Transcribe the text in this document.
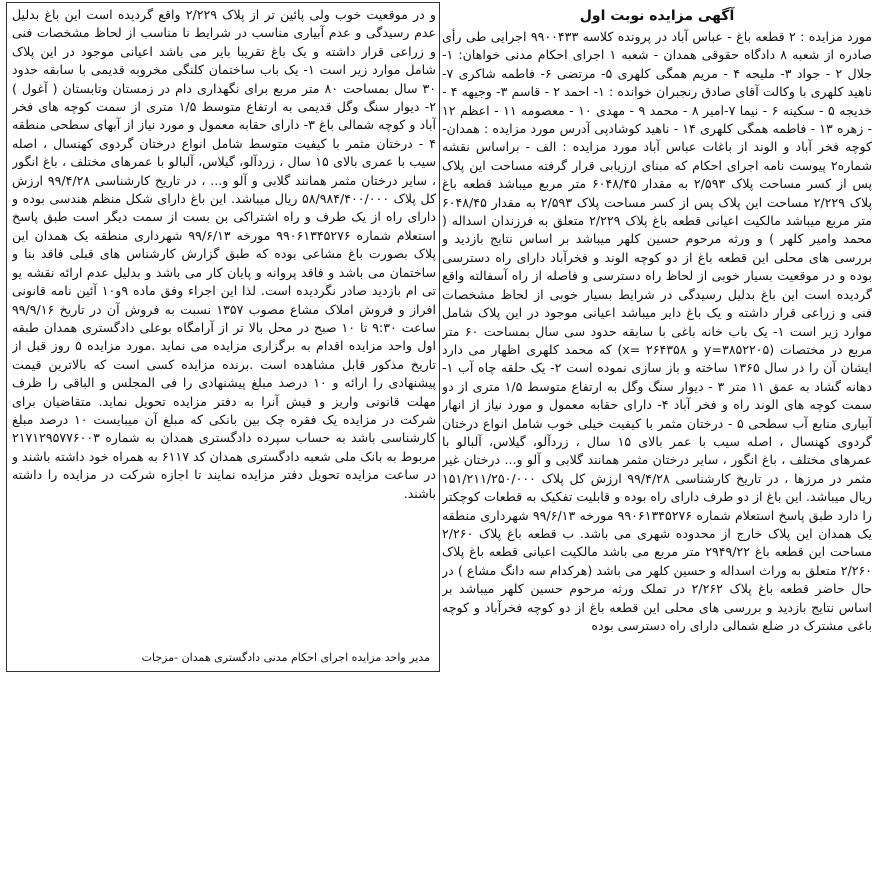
آگهی مزایده نوبت اول

مورد مزایده : ۲ قطعه باغ - عباس آباد در پرونده کلاسه ۹۹۰۰۴۳۳ اجرایی طی رأی صادره از شعبه ۸ دادگاه حقوقی همدان - شعبه ۱ اجرای احکام مدنی خواهان: ۱- جلال ۲ - جواد ۳- ملیحه ۴ - مریم همگی کلهری ۵- مرتضی ۶- فاطمه شاکری ۷- ناهید کلهری با وکالت آقای صادق رنجبران خوانده : ۱- احمد ۲ - قاسم ۳- وجیهه ۴ - خدیجه ۵ - سکینه ۶ - نیما ۷-امیر ۸ - محمد ۹ - مهدی ۱۰ - معصومه ۱۱ - اعظم ۱۲ - زهره ۱۳ - فاطمه همگی کلهری ۱۴ - ناهید کوشادپی آدرس مورد مزایده : همدان- کوچه فخر آباد و الوند از باغات عباس آباد مورد مزایده : الف - براساس نقشه شماره۲ پیوست نامه اجرای احکام که مبنای ارزیابی قرار گرفته مساحت این پلاک پس از کسر مساحت پلاک ۲/۵۹۳ به مقدار ۶۰۴۸/۴۵ متر مربع میباشد قطعه باغ پلاک ۲/۲۲۹ مساحت این پلاک پس از کسر مساحت پلاک ۲/۵۹۳ به مقدار ۶۰۴۸/۴۵ متر مربع میباشد مالکیت اعیانی قطعه باغ پلاک ۲/۲۲۹ متعلق به فرزندان اسداله ( محمد وامیر کلهر ) و ورثه مرحوم حسین کلهر میباشد بر اساس نتایج بازدید و بررسی های محلی این قطعه باغ از دو کوچه الوند و فخرآباد دارای راه دسترسی بوده و در موقعیت بسیار خوبی از لحاظ راه دسترسی و فاصله از راه آسفالته واقع گردیده است این باغ بدلیل رسیدگی در شرایط بسیار خوبی از لحاظ مشخصات فنی و زراعی قرار داشته و یک باغ دایر میباشد اعیانی موجود در این پلاک شامل موارد زیر است ۱- یک باب خانه باغی با سابقه حدود سی سال بمساحت ۶۰ متر مربع در مختصات (۳۸۵۲۲۰۵=y و ۲۶۴۳۵۸ =x) که محمد کلهری اظهار می دارد ایشان آن را در سال ۱۳۶۵ ساخته و باز سازی نموده است ۲- یک حلقه چاه آب ۱- دهانه گشاد به عمق ۱۱ متر ۳ - دیوار سنگ وگل به ارتفاع متوسط ۱/۵ متری از دو سمت کوچه های الوند راه و فخر آباد ۴- دارای حقابه معمول و مورد نیاز از انهار آبیاری منابع آب سطحی ۵ - درختان مثمر با کیفیت خیلی خوب شامل انواع درختان گردوی کهنسال ، اصله سیب با عمر بالای ۱۵ سال ، زردآلو، گیلاس، آلبالو با عمرهای مختلف ، باغ انگور ، سایر درختان مثمر همانند گلابی و آلو و... درختان غیر مثمر در مرزها ، در تاریخ کارشناسی ۹۹/۴/۲۸ ارزش کل پلاک ۱۵۱/۲۱۱/۲۵۰/۰۰۰ ریال میباشد. این باغ از دو طرف دارای راه بوده و قابلیت تفکیک به قطعات کوچکتر را دارد طبق پاسخ استعلام شماره ۹۹۰۶۱۳۴۵۲۷۶ مورخه ۹۹/۶/۱۳ شهرداری منطقه یک همدان این پلاک خارج از محدوده شهری می باشد. ب قطعه باغ پلاک ۲/۲۶۰ مساحت این قطعه باغ ۲۹۴۹/۲۲ متر مربع می باشد مالکیت اعیانی قطعه باغ پلاک ۲/۲۶۰ متعلق به وراث اسداله و حسین کلهر می باشد (هرکدام سه دانگ مشاع ) در حال حاضر قطعه باغ پلاک ۲/۲۶۲ در تملک ورثه مرحوم حسین کلهر میباشد بر اساس نتایج بازدید و بررسی های محلی این قطعه باغ از دو کوچه فخرآباد و کوچه باغی مشترک در ضلع شمالی دارای راه دسترسی بوده

و در موقعیت خوب ولی پائین تر از پلاک ۲/۲۲۹ واقع گردیده است این باغ بدلیل عدم رسیدگی و عدم آبیاری مناسب در شرایط نا مناسب از لحاظ مشخصات فنی و زراعی قرار داشته و یک باغ تقریبا بایر می باشد اعیانی موجود در این پلاک شامل موارد زیر است ۱- یک باب ساختمان کلنگی مخروبه قدیمی با سابقه حدود ۳۰ سال بمساحت ۸۰ متر مربع برای نگهداری دام در زمستان وتابستان ( آغول ) ۲- دیوار سنگ وگل قدیمی به ارتفاع متوسط ۱/۵ متری از سمت کوچه های فخر آباد و کوچه شمالی باغ ۳- دارای حقابه معمول و مورد نیاز از آبهای سطحی منطقه ۴ - درختان مثمر با کیفیت متوسط شامل انواع درختان گردوی کهنسال ، اصله سیب با عمری بالای ۱۵ سال ، زردآلو، گیلاس، آلبالو با عمرهای مختلف ، باغ انگور ، سایر درختان مثمر همانند گلابی و آلو و... ، در تاریخ کارشناسی ۹۹/۴/۲۸ ارزش کل پلاک ۵۸/۹۸۴/۴۰۰/۰۰۰ ریال میباشد. این باغ دارای شکل منظم هندسی بوده و دارای راه از یک طرف و راه اشتراکی بن بست از سمت دیگر است طبق پاسخ استعلام شماره ۹۹۰۶۱۳۴۵۲۷۶ مورخه ۹۹/۶/۱۳ شهرداری منطقه یک همدان این پلاک بصورت باغ مشاعی بوده که طبق گزارش کارشناس های قبلی فاقد بنا و ساختمان می باشد و فاقد پروانه و پایان کار می باشد و بدلیل عدم ارائه نقشه یو تی ام بازدید صادر نگردیده است. لذا این اجراء وفق ماده ۹و۱۰ آئین نامه قانونی افراز و فروش املاک مشاع مصوب ۱۳۵۷ نسبت به فروش آن در تاریخ ۹۹/۹/۱۶ ساعت ۹:۳۰ تا ۱۰ صبح در محل بالا تر از آرامگاه بوعلی دادگستری همدان طبقه اول واحد مزایده اقدام به برگزاری مزایده می نماید .مورد مزایده ۵ روز قبل از تاریخ مذکور قابل مشاهده است .برنده مزایده کسی است که بالاترین قیمت پیشنهادی را ارائه و ۱۰ درصد مبلغ پیشنهادی را فی المجلس و الباقی را ظرف مهلت قانونی واریز و فیش آنرا به دفتر مزایده تحویل نماید. متقاضیان برای شرکت در مزایده یک فقره چک بین بانکی که مبلغ آن میبایست ۱۰ درصد مبلغ کارشناسی باشد به حساب سپرده دادگستری همدان به شماره ۲۱۷۱۲۹۵۷۷۶۰۰۳ مربوط به بانک ملی شعبه دادگستری همدان کد ۶۱۱۷ به همراه خود داشته باشند و در ساعت مزایده تحویل دفتر مزایده نمایند تا اجازه شرکت در مزایده را داشته باشند.

مدیر واحد مزایده اجرای احکام مدنی دادگستری همدان -مزجات
